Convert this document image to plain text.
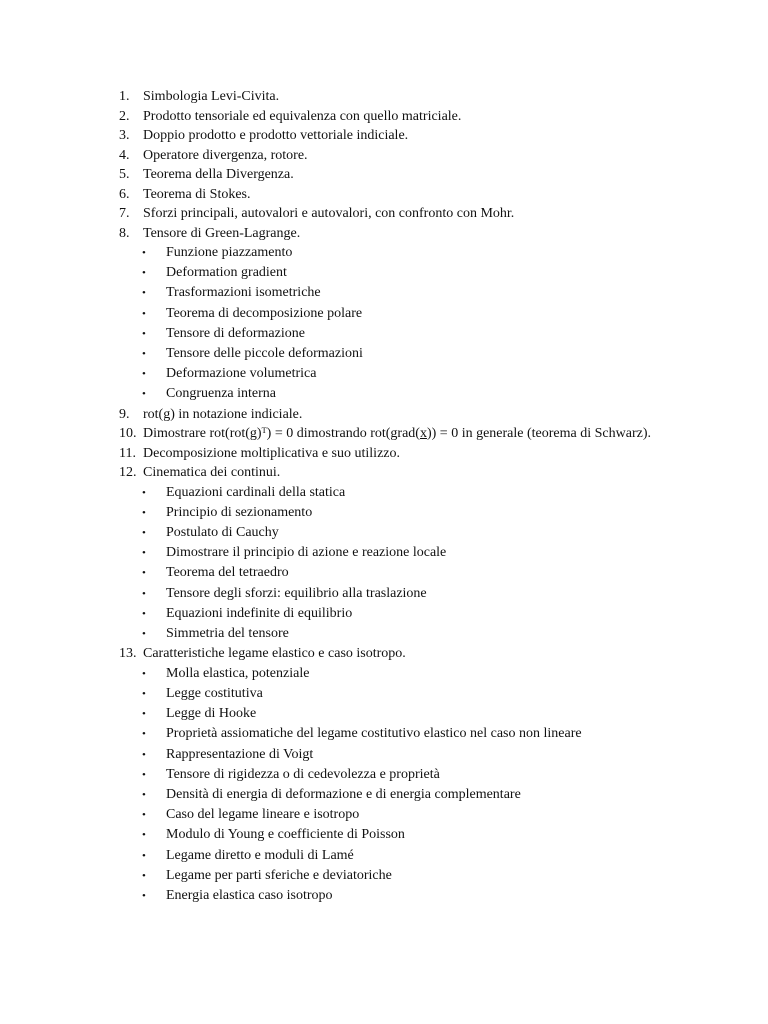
1. Simbologia Levi-Civita.
2. Prodotto tensoriale ed equivalenza con quello matriciale.
3. Doppio prodotto e prodotto vettoriale indiciale.
4. Operatore divergenza, rotore.
5. Teorema della Divergenza.
6. Teorema di Stokes.
7. Sforzi principali, autovalori e autovalori, con confronto con Mohr.
8. Tensore di Green-Lagrange.
• Funzione piazzamento
• Deformation gradient
• Trasformazioni isometriche
• Teorema di decomposizione polare
• Tensore di deformazione
• Tensore delle piccole deformazioni
• Deformazione volumetrica
• Congruenza interna
9. rot(g) in notazione indiciale.
10. Dimostrare rot(rot(g)ᵀ) = 0 dimostrando rot(grad(x)) = 0 in generale (teorema di Schwarz).
11. Decomposizione moltiplicativa e suo utilizzo.
12. Cinematica dei continui.
• Equazioni cardinali della statica
• Principio di sezionamento
• Postulato di Cauchy
• Dimostrare il principio di azione e reazione locale
• Teorema del tetraedro
• Tensore degli sforzi: equilibrio alla traslazione
• Equazioni indefinite di equilibrio
• Simmetria del tensore
13. Caratteristiche legame elastico e caso isotropo.
• Molla elastica, potenziale
• Legge costitutiva
• Legge di Hooke
• Proprietà assiomatiche del legame costitutivo elastico nel caso non lineare
• Rappresentazione di Voigt
• Tensore di rigidezza o di cedevolezza e proprietà
• Densità di energia di deformazione e di energia complementare
• Caso del legame lineare e isotropo
• Modulo di Young e coefficiente di Poisson
• Legame diretto e moduli di Lamé
• Legame per parti sferiche e deviatoriche
• Energia elastica caso isotropo
